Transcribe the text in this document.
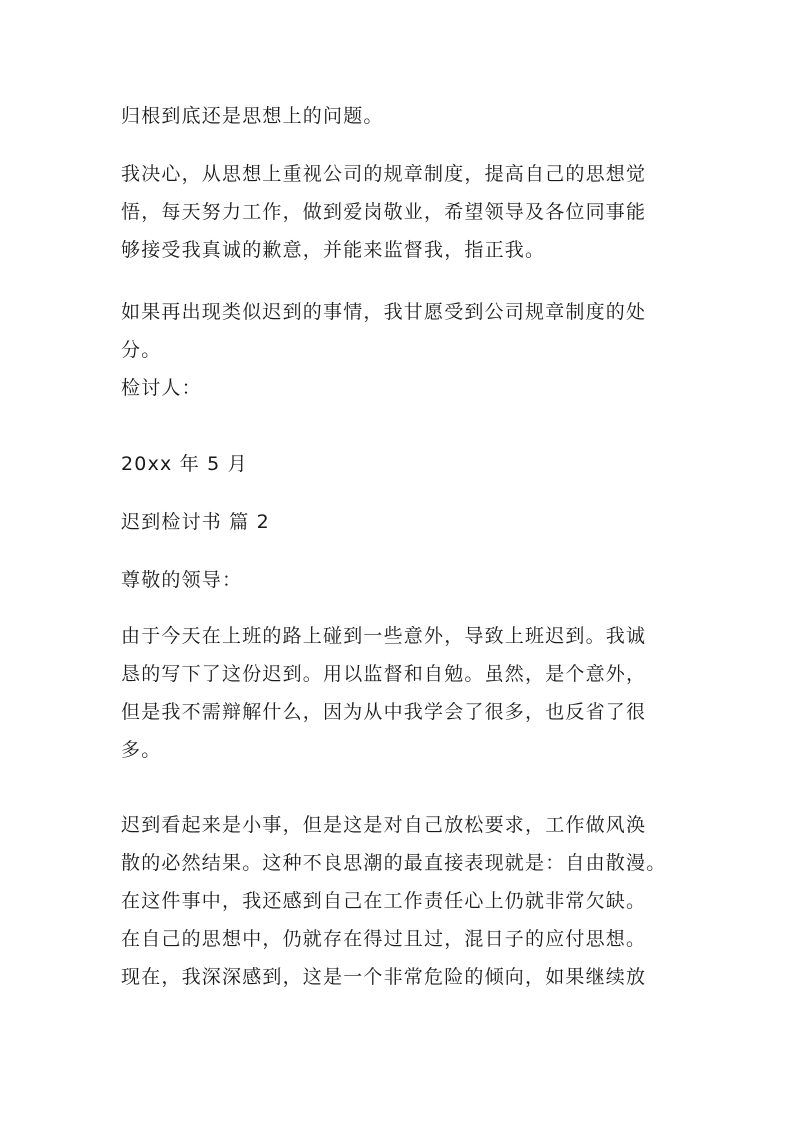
归根到底还是思想上的问题。

我决心，从思想上重视公司的规章制度，提高自己的思想觉
悟，每天努力工作，做到爱岗敬业，希望领导及各位同事能
够接受我真诚的歉意，并能来监督我，指正我。

如果再出现类似迟到的事情，我甘愿受到公司规章制度的处
分。

检讨人：

20xx 年 5 月

迟到检讨书 篇 2

尊敬的领导：

由于今天在上班的路上碰到一些意外，导致上班迟到。我诚
恳的写下了这份迟到。用以监督和自勉。虽然，是个意外，
但是我不需辩解什么，因为从中我学会了很多，也反省了很
多。

迟到看起来是小事，但是这是对自己放松要求，工作做风涣
散的必然结果。这种不良思潮的最直接表现就是：自由散漫。
在这件事中，我还感到自己在工作责任心上仍就非常欠缺。
在自己的思想中，仍就存在得过且过，混日子的应付思想。
现在，我深深感到，这是一个非常危险的倾向，如果继续放
